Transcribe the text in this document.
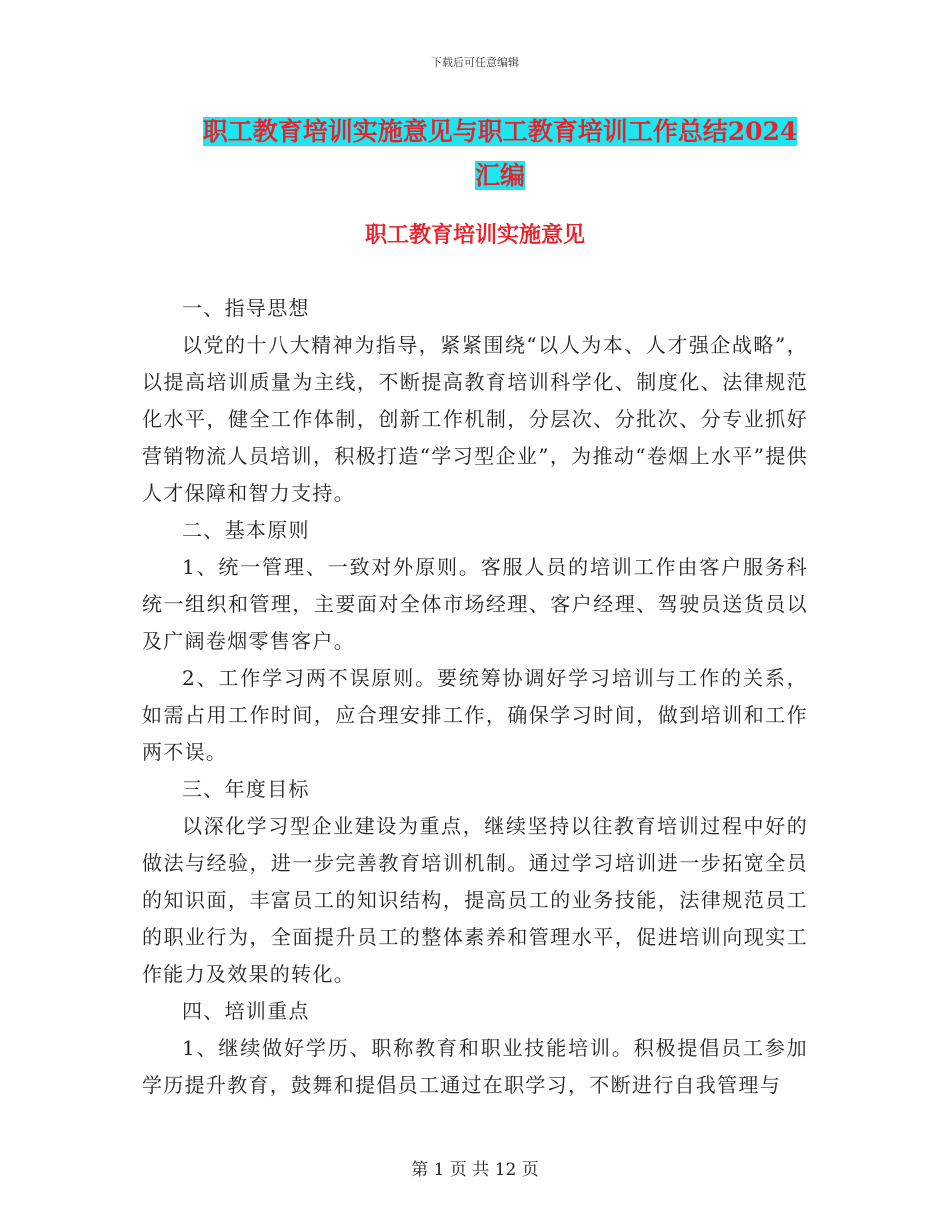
下载后可任意编辑
职工教育培训实施意见与职工教育培训工作总结2024
汇编
职工教育培训实施意见

一、指导思想

以党的十八大精神为指导，紧紧围绕“以人为本、人才强企战略”，以提高培训质量为主线，不断提高教育培训科学化、制度化、法律规范化水平，健全工作体制，创新工作机制，分层次、分批次、分专业抓好营销物流人员培训，积极打造“学习型企业”，为推动“卷烟上水平”提供人才保障和智力支持。

二、基本原则

1、统一管理、一致对外原则。客服人员的培训工作由客户服务科统一组织和管理，主要面对全体市场经理、客户经理、驾驶员送货员以及广阔卷烟零售客户。

2、工作学习两不误原则。要统筹协调好学习培训与工作的关系，如需占用工作时间，应合理安排工作，确保学习时间，做到培训和工作两不误。

三、年度目标

以深化学习型企业建设为重点，继续坚持以往教育培训过程中好的做法与经验，进一步完善教育培训机制。通过学习培训进一步拓宽全员的知识面，丰富员工的知识结构，提高员工的业务技能，法律规范员工的职业行为，全面提升员工的整体素养和管理水平，促进培训向现实工作能力及效果的转化。

四、培训重点

1、继续做好学历、职称教育和职业技能培训。积极提倡员工参加学历提升教育，鼓舞和提倡员工通过在职学习，不断进行自我管理与

第 1 页 共 12 页
